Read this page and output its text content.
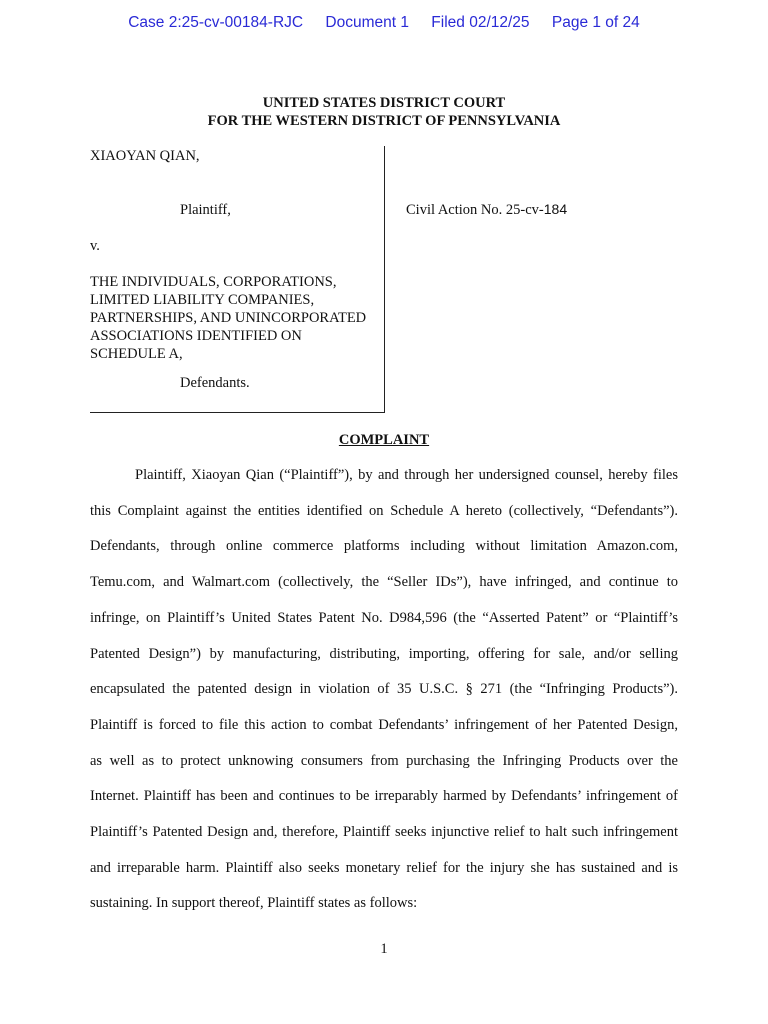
Case 2:25-cv-00184-RJC Document 1 Filed 02/12/25 Page 1 of 24
UNITED STATES DISTRICT COURT
FOR THE WESTERN DISTRICT OF PENNSYLVANIA
XIAOYAN QIAN,
Plaintiff,
v.
THE INDIVIDUALS, CORPORATIONS,
LIMITED LIABILITY COMPANIES,
PARTNERSHIPS, AND UNINCORPORATED
ASSOCIATIONS IDENTIFIED ON
SCHEDULE A,
Defendants.
Civil Action No. 25-cv-184
COMPLAINT
Plaintiff, Xiaoyan Qian (“Plaintiff”), by and through her undersigned counsel, hereby files
this Complaint against the entities identified on Schedule A hereto (collectively, “Defendants”).
Defendants, through online commerce platforms including without limitation Amazon.com,
Temu.com, and Walmart.com (collectively, the “Seller IDs”), have infringed, and continue to
infringe, on Plaintiff’s United States Patent No. D984,596 (the “Asserted Patent” or “Plaintiff’s
Patented Design”) by manufacturing, distributing, importing, offering for sale, and/or selling
encapsulated the patented design in violation of 35 U.S.C. § 271 (the “Infringing Products”).
Plaintiff is forced to file this action to combat Defendants’ infringement of her Patented Design,
as well as to protect unknowing consumers from purchasing the Infringing Products over the
Internet. Plaintiff has been and continues to be irreparably harmed by Defendants’ infringement of
Plaintiff’s Patented Design and, therefore, Plaintiff seeks injunctive relief to halt such infringement
and irreparable harm. Plaintiff also seeks monetary relief for the injury she has sustained and is
sustaining. In support thereof, Plaintiff states as follows:
1
